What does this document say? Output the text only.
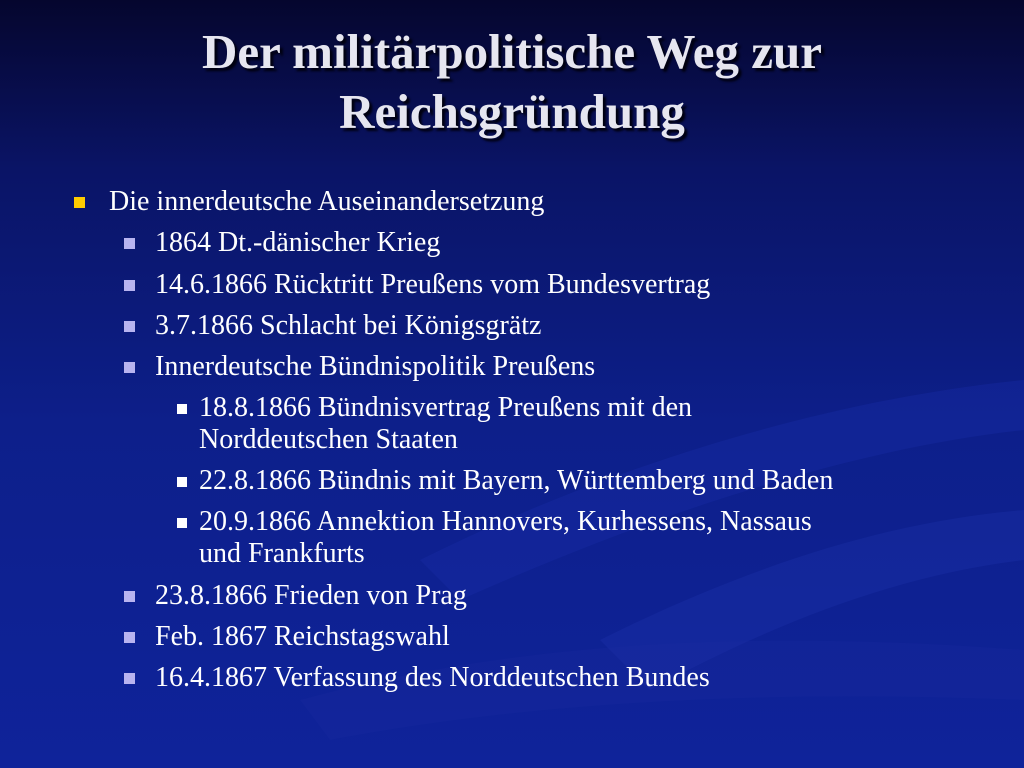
Der militärpolitische Weg zur
Reichsgründung
Die innerdeutsche Auseinandersetzung
1864 Dt.-dänischer Krieg
14.6.1866 Rücktritt Preußens vom Bundesvertrag
3.7.1866 Schlacht bei Königsgrätz
Innerdeutsche Bündnispolitik Preußens
18.8.1866 Bündnisvertrag Preußens mit den
Norddeutschen Staaten
22.8.1866 Bündnis mit Bayern, Württemberg und Baden
20.9.1866 Annektion Hannovers, Kurhessens, Nassaus
und Frankfurts
23.8.1866 Frieden von Prag
Feb. 1867 Reichstagswahl
16.4.1867 Verfassung des Norddeutschen Bundes
